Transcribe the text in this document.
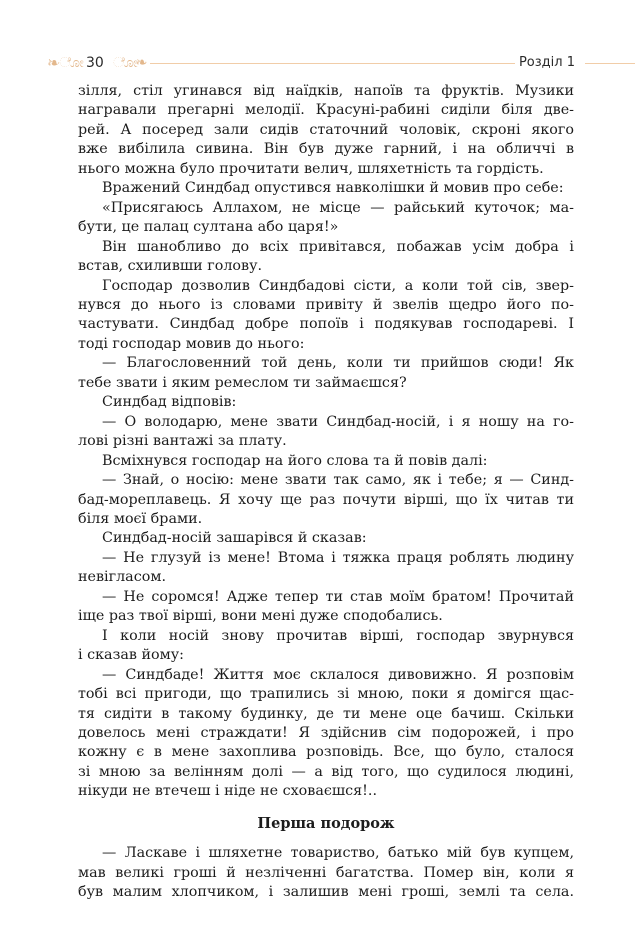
❧ೋ 30 ೋ❧	Розділ 1

зілля, стіл угинався від наїдків, напоїв та фруктів. Музики

награвали прегарні мелодії. Красуні-рабині сиділи біля две-

рей. А посеред зали сидів статочний чоловік, скроні якого

вже вибілила сивина. Він був дуже гарний, і на обличчі в

нього можна було прочитати велич, шляхетність та гордість.

Вражений Синдбад опустився навколішки й мовив про себе:

«Присягаюсь Аллахом, не місце — райський куточок; ма-

бути, це палац султана або царя!»

Він шанобливо до всіх привітався, побажав усім добра і

встав, схиливши голову.

Господар дозволив Синдбадові сісти, а коли той сів, звер-

нувся до нього із словами привіту й звелів щедро його по-

частувати. Синдбад добре попоїв і подякував господареві. І

тоді господар мовив до нього:

— Благословенний той день, коли ти прийшов сюди! Як

тебе звати і яким ремеслом ти займаєшся?

Синдбад відповів:

— О володарю, мене звати Синдбад-носій, і я ношу на го-

лові різні вантажі за плату.

Всміхнувся господар на його слова та й повів далі:

— Знай, о носію: мене звати так само, як і тебе; я — Синд-

бад-мореплавець. Я хочу ще раз почути вірші, що їх читав ти

біля моєї брами.

Синдбад-носій зашарівся й сказав:

— Не глузуй із мене! Втома і тяжка праця роблять людину

невігласом.

— Не соромся! Адже тепер ти став моїм братом! Прочитай

іще раз твої вірші, вони мені дуже сподобались.

І коли носій знову прочитав вірші, господар звурнувся

і сказав йому:

— Синдбаде! Життя моє склалося дивовижно. Я розповім

тобі всі пригоди, що трапились зі мною, поки я домігся щас-

тя сидіти в такому будинку, де ти мене оце бачиш. Скільки

довелось мені страждати! Я здійснив сім подорожей, і про

кожну є в мене захоплива розповідь. Все, що було, сталося

зі мною за велінням долі — а від того, що судилося людині,

нікуди не втечеш і ніде не сховаєшся!..

Перша подорож

— Ласкаве і шляхетне товариство, батько мій був купцем,

мав великі гроші й незліченні багатства. Помер він, коли я

був малим хлопчиком, і залишив мені гроші, землі та села.
